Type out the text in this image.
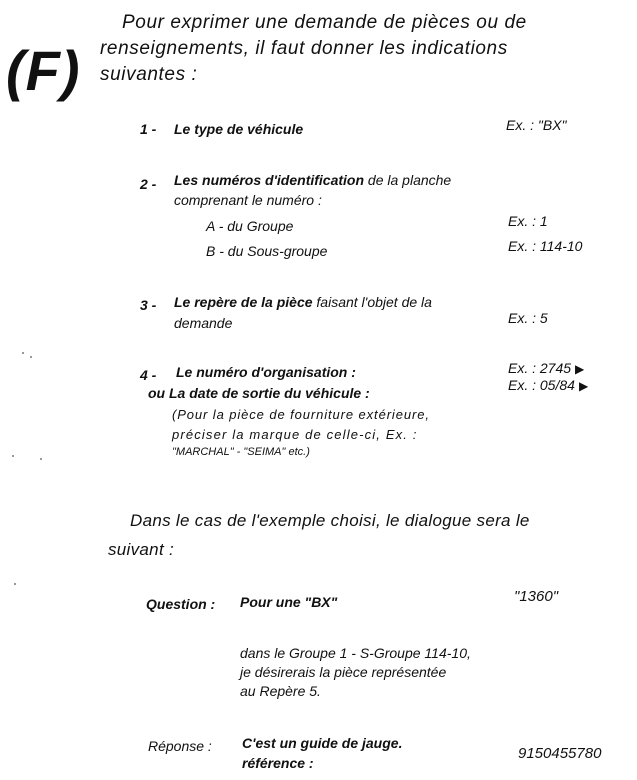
(F)
Pour exprimer une demande de pièces ou de
renseignements, il faut donner les indications
suivantes :
1 - Le type de véhicule	Ex. : "BX"
2 - Les numéros d'identification de la planche
comprenant le numéro :
A - du Groupe	Ex. : 1
B - du Sous-groupe	Ex. : 114-10
3 - Le repère de la pièce faisant l'objet de la
demande	Ex. : 5
4 - Le numéro d'organisation :
ou La date de sortie du véhicule :
Ex. : 2745 ▶
Ex. : 05/84 ▶
(Pour la pièce de fourniture extérieure,
préciser la marque de celle-ci, Ex. :
"MARCHAL" - "SEIMA" etc.)
Dans le cas de l'exemple choisi, le dialogue sera le
suivant :
Question : Pour une "BX"	"1360"
dans le Groupe 1 - S-Groupe 114-10,
je désirerais la pièce représentée
au Repère 5.
Réponse : C'est un guide de jauge.
référence :
9150455780
